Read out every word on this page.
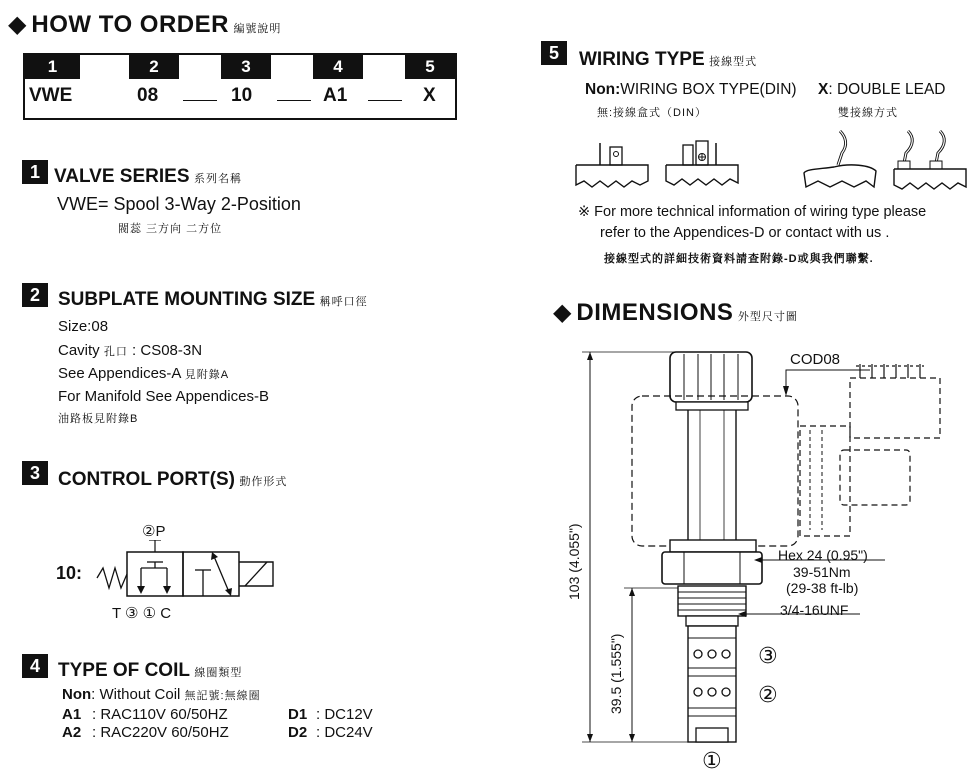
◆ HOW TO ORDER 編號說明
1	2	3	4	5
VWE	08	10	A1	X
1 VALVE SERIES 系列名稱
VWE= Spool 3-Way 2-Position
閥蕊 三方向 二方位
2 SUBPLATE MOUNTING SIZE 稱呼口徑
Size:08
Cavity 孔口 : CS08-3N
See Appendices-A 見附錄A
For Manifold See Appendices-B
油路板見附錄B
3 CONTROL PORT(S) 動作形式
10:
②P
T ③ ① C
4 TYPE OF COIL 線圈類型
Non: Without Coil 無記號:無線圈
A1 : RAC110V 60/50HZ	D1 : DC12V
A2 : RAC220V 60/50HZ	D2 : DC24V
5	WIRING TYPE 接線型式
Non:WIRING BOX TYPE(DIN) X: DOUBLE LEAD
無:接線盒式（DIN）	雙接線方式
※ For more technical information of wiring type please
refer to the Appendices-D or contact with us .
接線型式的詳細技術資料請查附錄-D或與我們聯繫.
◆ DIMENSIONS 外型尺寸圖
COD08
Hex 24 (0.95")
39-51Nm
(29-38 ft-lb)
3/4-16UNF
③
②
①
103 (4.055")
39.5 (1.555")
